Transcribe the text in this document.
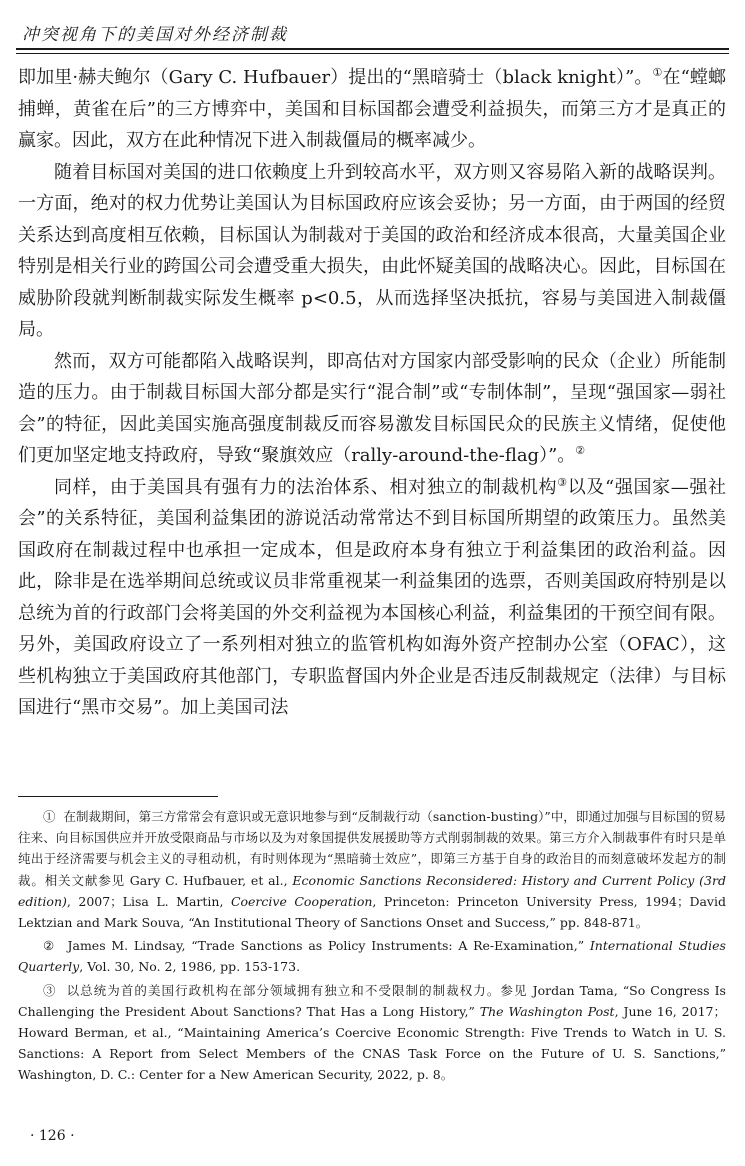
冲突视角下的美国对外经济制裁

即加里·赫夫鲍尔（Gary C. Hufbauer）提出的“黑暗骑士（black knight）”。①在“螳螂捕蝉，黄雀在后”的三方博弈中，美国和目标国都会遭受利益损失，而第三方才是真正的赢家。因此，双方在此种情况下进入制裁僵局的概率减少。

随着目标国对美国的进口依赖度上升到较高水平，双方则又容易陷入新的战略误判。一方面，绝对的权力优势让美国认为目标国政府应该会妥协；另一方面，由于两国的经贸关系达到高度相互依赖，目标国认为制裁对于美国的政治和经济成本很高，大量美国企业特别是相关行业的跨国公司会遭受重大损失，由此怀疑美国的战略决心。因此，目标国在威胁阶段就判断制裁实际发生概率 p<0.5，从而选择坚决抵抗，容易与美国进入制裁僵局。

然而，双方可能都陷入战略误判，即高估对方国家内部受影响的民众（企业）所能制造的压力。由于制裁目标国大部分都是实行“混合制”或“专制体制”，呈现“强国家—弱社会”的特征，因此美国实施高强度制裁反而容易激发目标国民众的民族主义情绪，促使他们更加坚定地支持政府，导致“聚旗效应（rally-around-the-flag）”。②

同样，由于美国具有强有力的法治体系、相对独立的制裁机构③以及“强国家—强社会”的关系特征，美国利益集团的游说活动常常达不到目标国所期望的政策压力。虽然美国政府在制裁过程中也承担一定成本，但是政府本身有独立于利益集团的政治利益。因此，除非是在选举期间总统或议员非常重视某一利益集团的选票，否则美国政府特别是以总统为首的行政部门会将美国的外交利益视为本国核心利益，利益集团的干预空间有限。另外，美国政府设立了一系列相对独立的监管机构如海外资产控制办公室（OFAC），这些机构独立于美国政府其他部门，专职监督国内外企业是否违反制裁规定（法律）与目标国进行“黑市交易”。加上美国司法

① 在制裁期间，第三方常常会有意识或无意识地参与到“反制裁行动（sanction-busting）”中，即通过加强与目标国的贸易往来、向目标国供应并开放受限商品与市场以及为对象国提供发展援助等方式削弱制裁的效果。第三方介入制裁事件有时只是单纯出于经济需要与机会主义的寻租动机，有时则体现为“黑暗骑士效应”，即第三方基于自身的政治目的而刻意破坏发起方的制裁。相关文献参见 Gary C. Hufbauer, et al., Economic Sanctions Reconsidered: History and Current Policy (3rd edition), 2007；Lisa L. Martin, Coercive Cooperation, Princeton: Princeton University Press, 1994；David Lektzian and Mark Souva, “An Institutional Theory of Sanctions Onset and Success,” pp. 848-871。

② James M. Lindsay, “Trade Sanctions as Policy Instruments: A Re-Examination,” International Studies Quarterly, Vol. 30, No. 2, 1986, pp. 153-173.

③ 以总统为首的美国行政机构在部分领域拥有独立和不受限制的制裁权力。参见 Jordan Tama, “So Congress Is Challenging the President About Sanctions? That Has a Long History,” The Washington Post, June 16, 2017；Howard Berman, et al., “Maintaining America’s Coercive Economic Strength: Five Trends to Watch in U. S. Sanctions: A Report from Select Members of the CNAS Task Force on the Future of U. S. Sanctions,” Washington, D. C.: Center for a New American Security, 2022, p. 8。

· 126 ·
